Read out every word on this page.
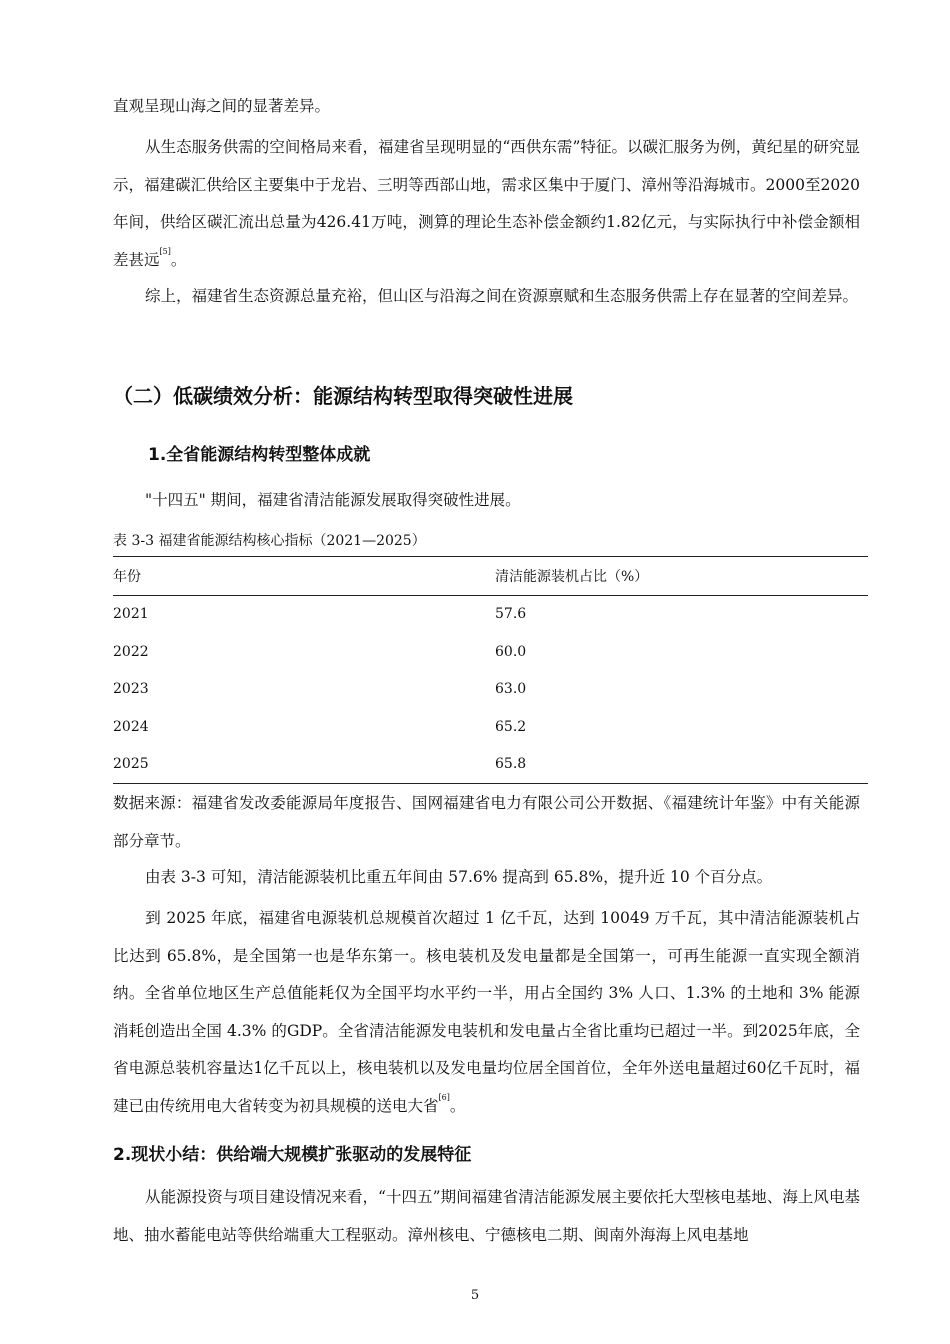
直观呈现山海之间的显著差异。

从生态服务供需的空间格局来看，福建省呈现明显的“西供东需”特征。以碳汇服务为例，黄纪星的研究显示，福建碳汇供给区主要集中于龙岩、三明等西部山地，需求区集中于厦门、漳州等沿海城市。2000至2020年间，供给区碳汇流出总量为426.41万吨，测算的理论生态补偿金额约1.82亿元，与实际执行中补偿金额相差甚远[5]。

综上，福建省生态资源总量充裕，但山区与沿海之间在资源禀赋和生态服务供需上存在显著的空间差异。

（二）低碳绩效分析：能源结构转型取得突破性进展
1.全省能源结构转型整体成就

"十四五" 期间，福建省清洁能源发展取得突破性进展。

表 3-3 福建省能源结构核心指标（2021—2025）

年份	清洁能源装机占比（%）
2021	57.6
2022	60.0
2023	63.0
2024	65.2
2025	65.8

数据来源：福建省发改委能源局年度报告、国网福建省电力有限公司公开数据、《福建统计年鉴》中有关能源部分章节。

由表 3-3 可知，清洁能源装机比重五年间由 57.6% 提高到 65.8%，提升近 10 个百分点。

到 2025 年底，福建省电源装机总规模首次超过 1 亿千瓦，达到 10049 万千瓦，其中清洁能源装机占比达到 65.8%，是全国第一也是华东第一。核电装机及发电量都是全国第一，可再生能源一直实现全额消纳。全省单位地区生产总值能耗仅为全国平均水平约一半，用占全国约 3% 人口、1.3% 的土地和 3% 能源消耗创造出全国 4.3% 的GDP。全省清洁能源发电装机和发电量占全省比重均已超过一半。到2025年底，全省电源总装机容量达1亿千瓦以上，核电装机以及发电量均位居全国首位，全年外送电量超过60亿千瓦时，福建已由传统用电大省转变为初具规模的送电大省[6]。

2.现状小结：供给端大规模扩张驱动的发展特征

从能源投资与项目建设情况来看，“十四五”期间福建省清洁能源发展主要依托大型核电基地、海上风电基地、抽水蓄能电站等供给端重大工程驱动。漳州核电、宁德核电二期、闽南外海海上风电基地

5
